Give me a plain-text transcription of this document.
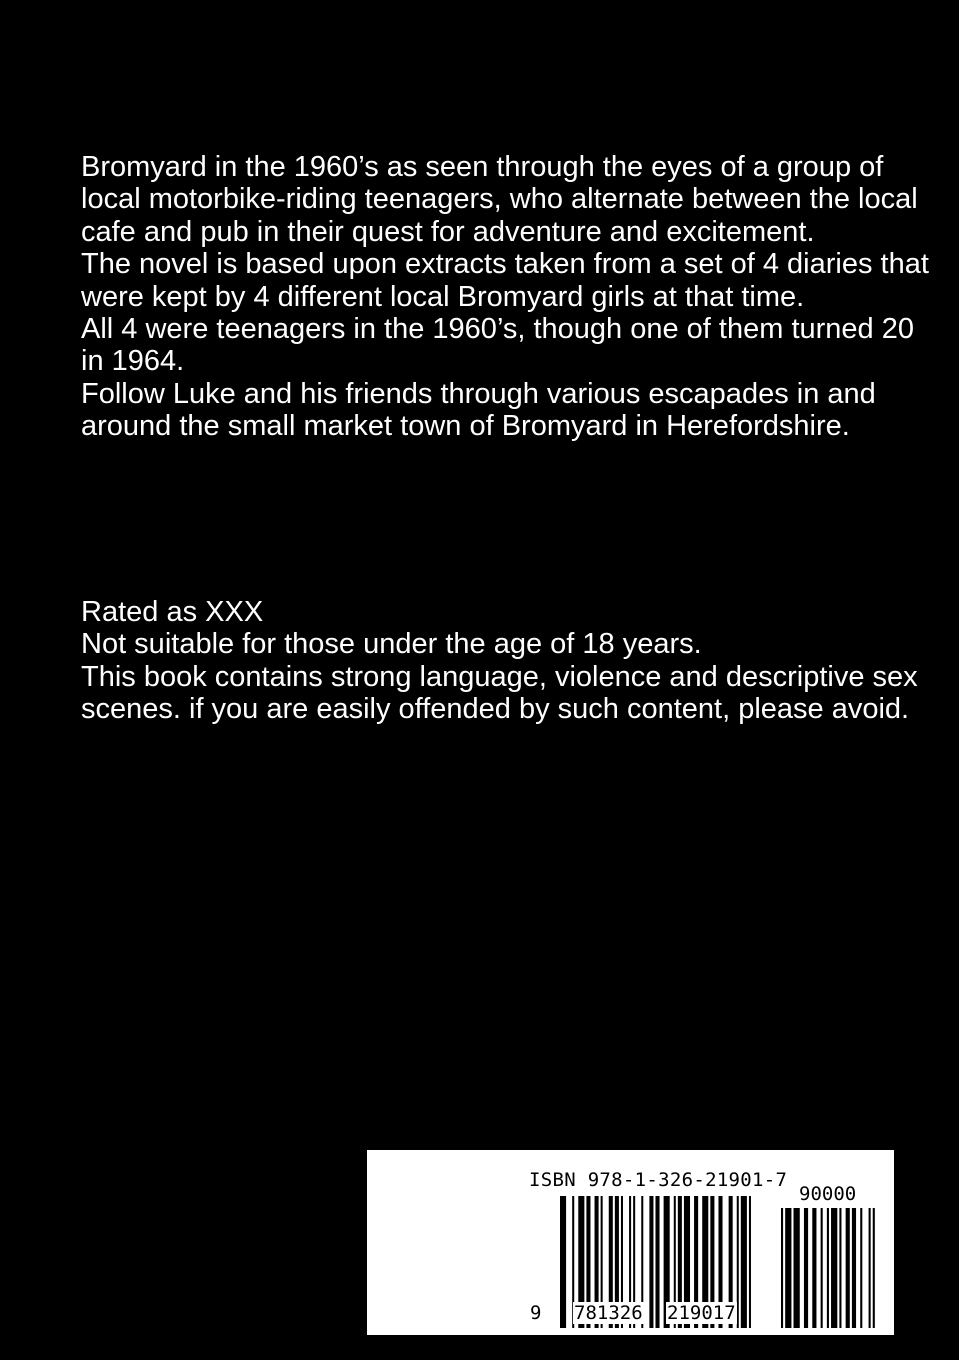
Bromyard in the 1960’s as seen through the eyes of a group of local motorbike-riding teenagers, who alternate between the local cafe and pub in their quest for adventure and excitement.

The novel is based upon extracts taken from a set of 4 diaries that were kept by 4 different local Bromyard girls at that time.

All 4 were teenagers in the 1960’s, though one of them turned 20 in 1964.

Follow Luke and his friends through various escapades in and around the small market town of Bromyard in Herefordshire.

Rated as XXX

Not suitable for those under the age of 18 years.

This book contains strong language, violence and descriptive sex scenes. if you are easily offended by such content, please avoid.

ISBN 978-1-326-21901-7
90000
9 781326 219017
